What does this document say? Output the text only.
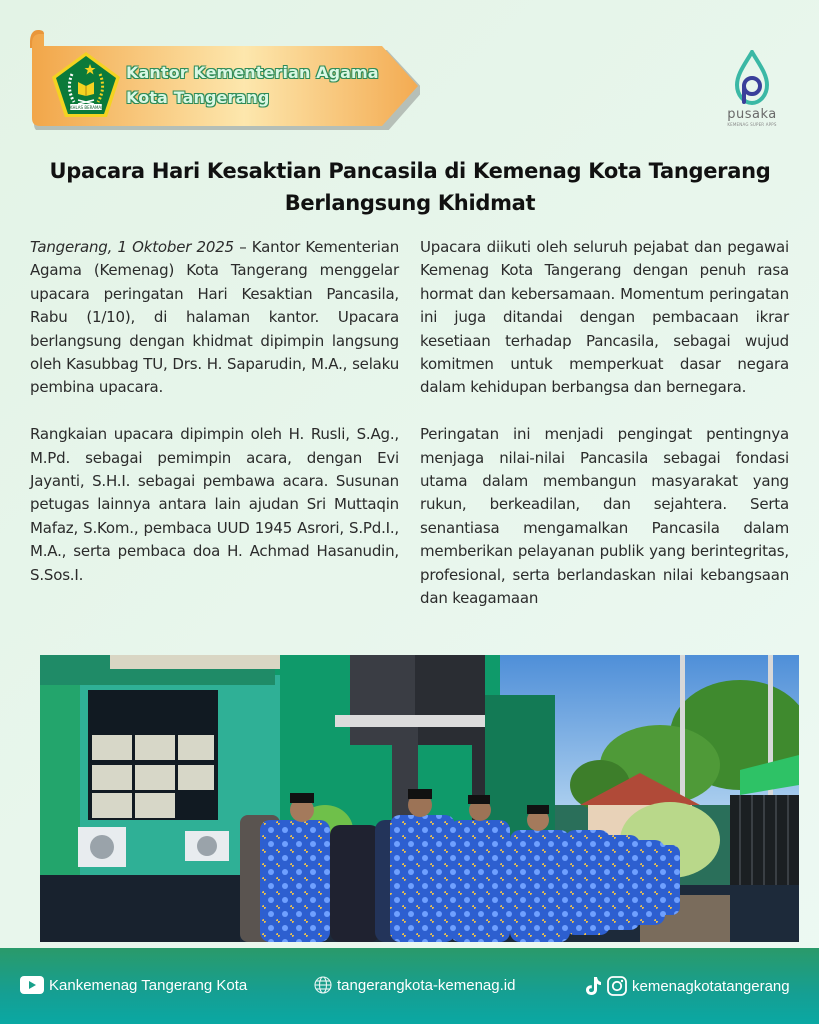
IKHLAS BERAMAL
Kantor Kementerian Agama
Kota Tangerang
pusaka
KEMENAG SUPER APPS
Upacara Hari Kesaktian Pancasila di Kemenag Kota Tangerang
Berlangsung Khidmat

Tangerang, 1 Oktober 2025 – Kantor Kementerian Agama (Kemenag) Kota Tangerang menggelar upacara peringatan Hari Kesaktian Pancasila, Rabu (1/10), di halaman kantor. Upacara berlangsung dengan khidmat dipimpin langsung oleh Kasubbag TU, Drs. H. Saparudin, M.A., selaku pembina upacara.

Rangkaian upacara dipimpin oleh H. Rusli, S.Ag., M.Pd. sebagai pemimpin acara, dengan Evi Jayanti, S.H.I. sebagai pembawa acara. Susunan petugas lainnya antara lain ajudan Sri Muttaqin Mafaz, S.Kom., pembaca UUD 1945 Asrori, S.Pd.I., M.A., serta pembaca doa H. Achmad Hasanudin, S.Sos.I.

Upacara diikuti oleh seluruh pejabat dan pegawai Kemenag Kota Tangerang dengan penuh rasa hormat dan kebersamaan. Momentum peringatan ini juga ditandai dengan pembacaan ikrar kesetiaan terhadap Pancasila, sebagai wujud komitmen untuk memperkuat dasar negara dalam kehidupan berbangsa dan bernegara.

Peringatan ini menjadi pengingat pentingnya menjaga nilai-nilai Pancasila sebagai fondasi utama dalam membangun masyarakat yang rukun, berkeadilan, dan sejahtera. Serta senantiasa mengamalkan Pancasila dalam memberikan pelayanan publik yang berintegritas, profesional, serta berlandaskan nilai kebangsaan dan keagamaan

Kankemenag Tangerang Kota	tangerangkota-kemenag.id	kemenagkotatangerang
